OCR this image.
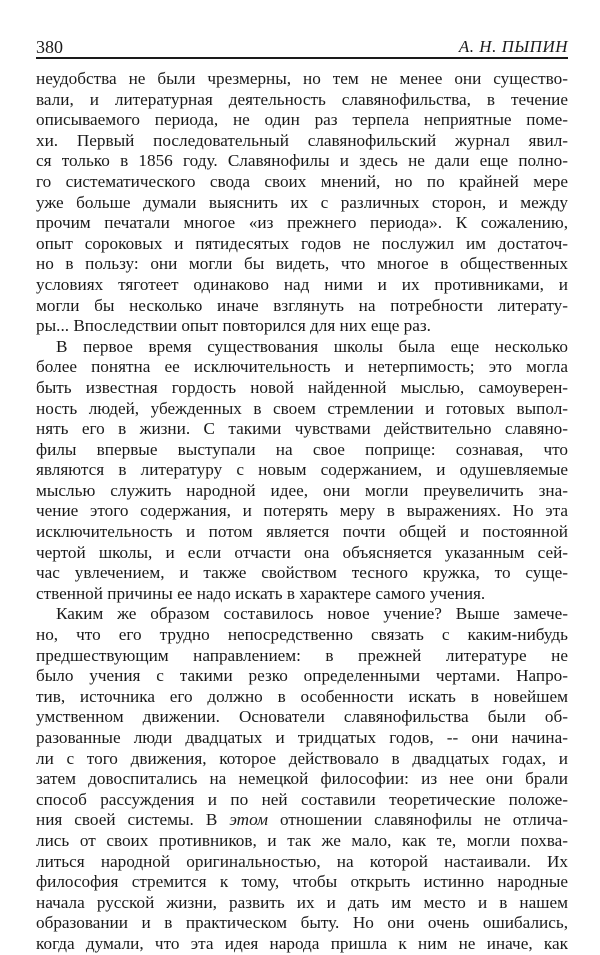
380	А. Н. ПЫПИН
неудобства не были чрезмерны, но тем не менее они существо-
вали, и литературная деятельность славянофильства, в течение
описываемого периода, не один раз терпела неприятные поме-
хи. Первый последовательный славянофильский журнал явил-
ся только в 1856 году. Славянофилы и здесь не дали еще полно-
го систематического свода своих мнений, но по крайней мере
уже больше думали выяснить их с различных сторон, и между
прочим печатали многое «из прежнего периода». К сожалению,
опыт сороковых и пятидесятых годов не послужил им достаточ-
но в пользу: они могли бы видеть, что многое в общественных
условиях тяготеет одинаково над ними и их противниками, и
могли бы несколько иначе взглянуть на потребности литерату-
ры... Впоследствии опыт повторился для них еще раз.
В первое время существования школы была еще несколько
более понятна ее исключительность и нетерпимость; это могла
быть известная гордость новой найденной мыслью, самоуверен-
ность людей, убежденных в своем стремлении и готовых выпол-
нять его в жизни. С такими чувствами действительно славяно-
филы впервые выступали на свое поприще: сознавая, что
являются в литературу с новым содержанием, и одушевляемые
мыслью служить народной идее, они могли преувеличить зна-
чение этого содержания, и потерять меру в выражениях. Но эта
исключительность и потом является почти общей и постоянной
чертой школы, и если отчасти она объясняется указанным сей-
час увлечением, и также свойством тесного кружка, то суще-
ственной причины ее надо искать в характере самого учения.
Каким же образом составилось новое учение? Выше замече-
но, что его трудно непосредственно связать с каким-нибудь
предшествующим направлением: в прежней литературе не
было учения с такими резко определенными чертами. Напро-
тив, источника его должно в особенности искать в новейшем
умственном движении. Основатели славянофильства были об-
разованные люди двадцатых и тридцатых годов, -- они начина-
ли с того движения, которое действовало в двадцатых годах, и
затем довоспитались на немецкой философии: из нее они брали
способ рассуждения и по ней составили теоретические положе-
ния своей системы. В этом отношении славянофилы не отлича-
лись от своих противников, и так же мало, как те, могли похва-
литься народной оригинальностью, на которой настаивали. Их
философия стремится к тому, чтобы открыть истинно народные
начала русской жизни, развить их и дать им место и в нашем
образовании и в практическом быту. Но они очень ошибались,
когда думали, что эта идея народа пришла к ним не иначе, как
